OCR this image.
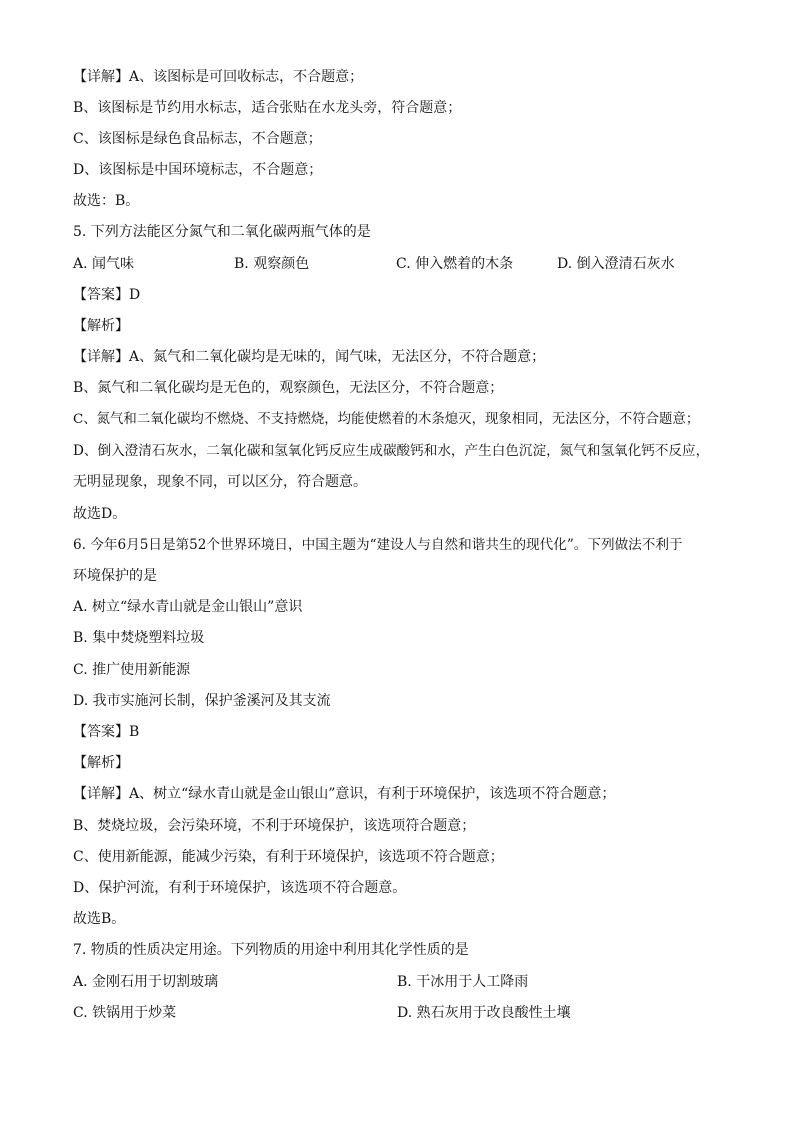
【详解】A、该图标是可回收标志，不合题意；
B、该图标是节约用水标志，适合张贴在水龙头旁，符合题意；
C、该图标是绿色食品标志，不合题意；
D、该图标是中国环境标志，不合题意；
故选：B。
5. 下列方法能区分氮气和二氧化碳两瓶气体的是
A. 闻气味	B. 观察颜色	C. 伸入燃着的木条	D. 倒入澄清石灰水
【答案】D
【解析】
【详解】A、氮气和二氧化碳均是无味的，闻气味，无法区分，不符合题意；
B、氮气和二氧化碳均是无色的，观察颜色，无法区分，不符合题意；
C、氮气和二氧化碳均不燃烧、不支持燃烧，均能使燃着的木条熄灭，现象相同，无法区分，不符合题意；
D、倒入澄清石灰水，二氧化碳和氢氧化钙反应生成碳酸钙和水，产生白色沉淀，氮气和氢氧化钙不反应，
无明显现象，现象不同，可以区分，符合题意。
故选D。
6. 今年6月5日是第52个世界环境日，中国主题为“建设人与自然和谐共生的现代化”。下列做法不利于
环境保护的是
A. 树立“绿水青山就是金山银山”意识
B. 集中焚烧塑料垃圾
C. 推广使用新能源
D. 我市实施河长制，保护釜溪河及其支流
【答案】B
【解析】
【详解】A、树立“绿水青山就是金山银山”意识，有利于环境保护，该选项不符合题意；
B、焚烧垃圾，会污染环境，不利于环境保护，该选项符合题意；
C、使用新能源，能减少污染，有利于环境保护，该选项不符合题意；
D、保护河流，有利于环境保护，该选项不符合题意。
故选B。
7. 物质的性质决定用途。下列物质的用途中利用其化学性质的是
A. 金刚石用于切割玻璃	B. 干冰用于人工降雨
C. 铁锅用于炒菜	D. 熟石灰用于改良酸性土壤
